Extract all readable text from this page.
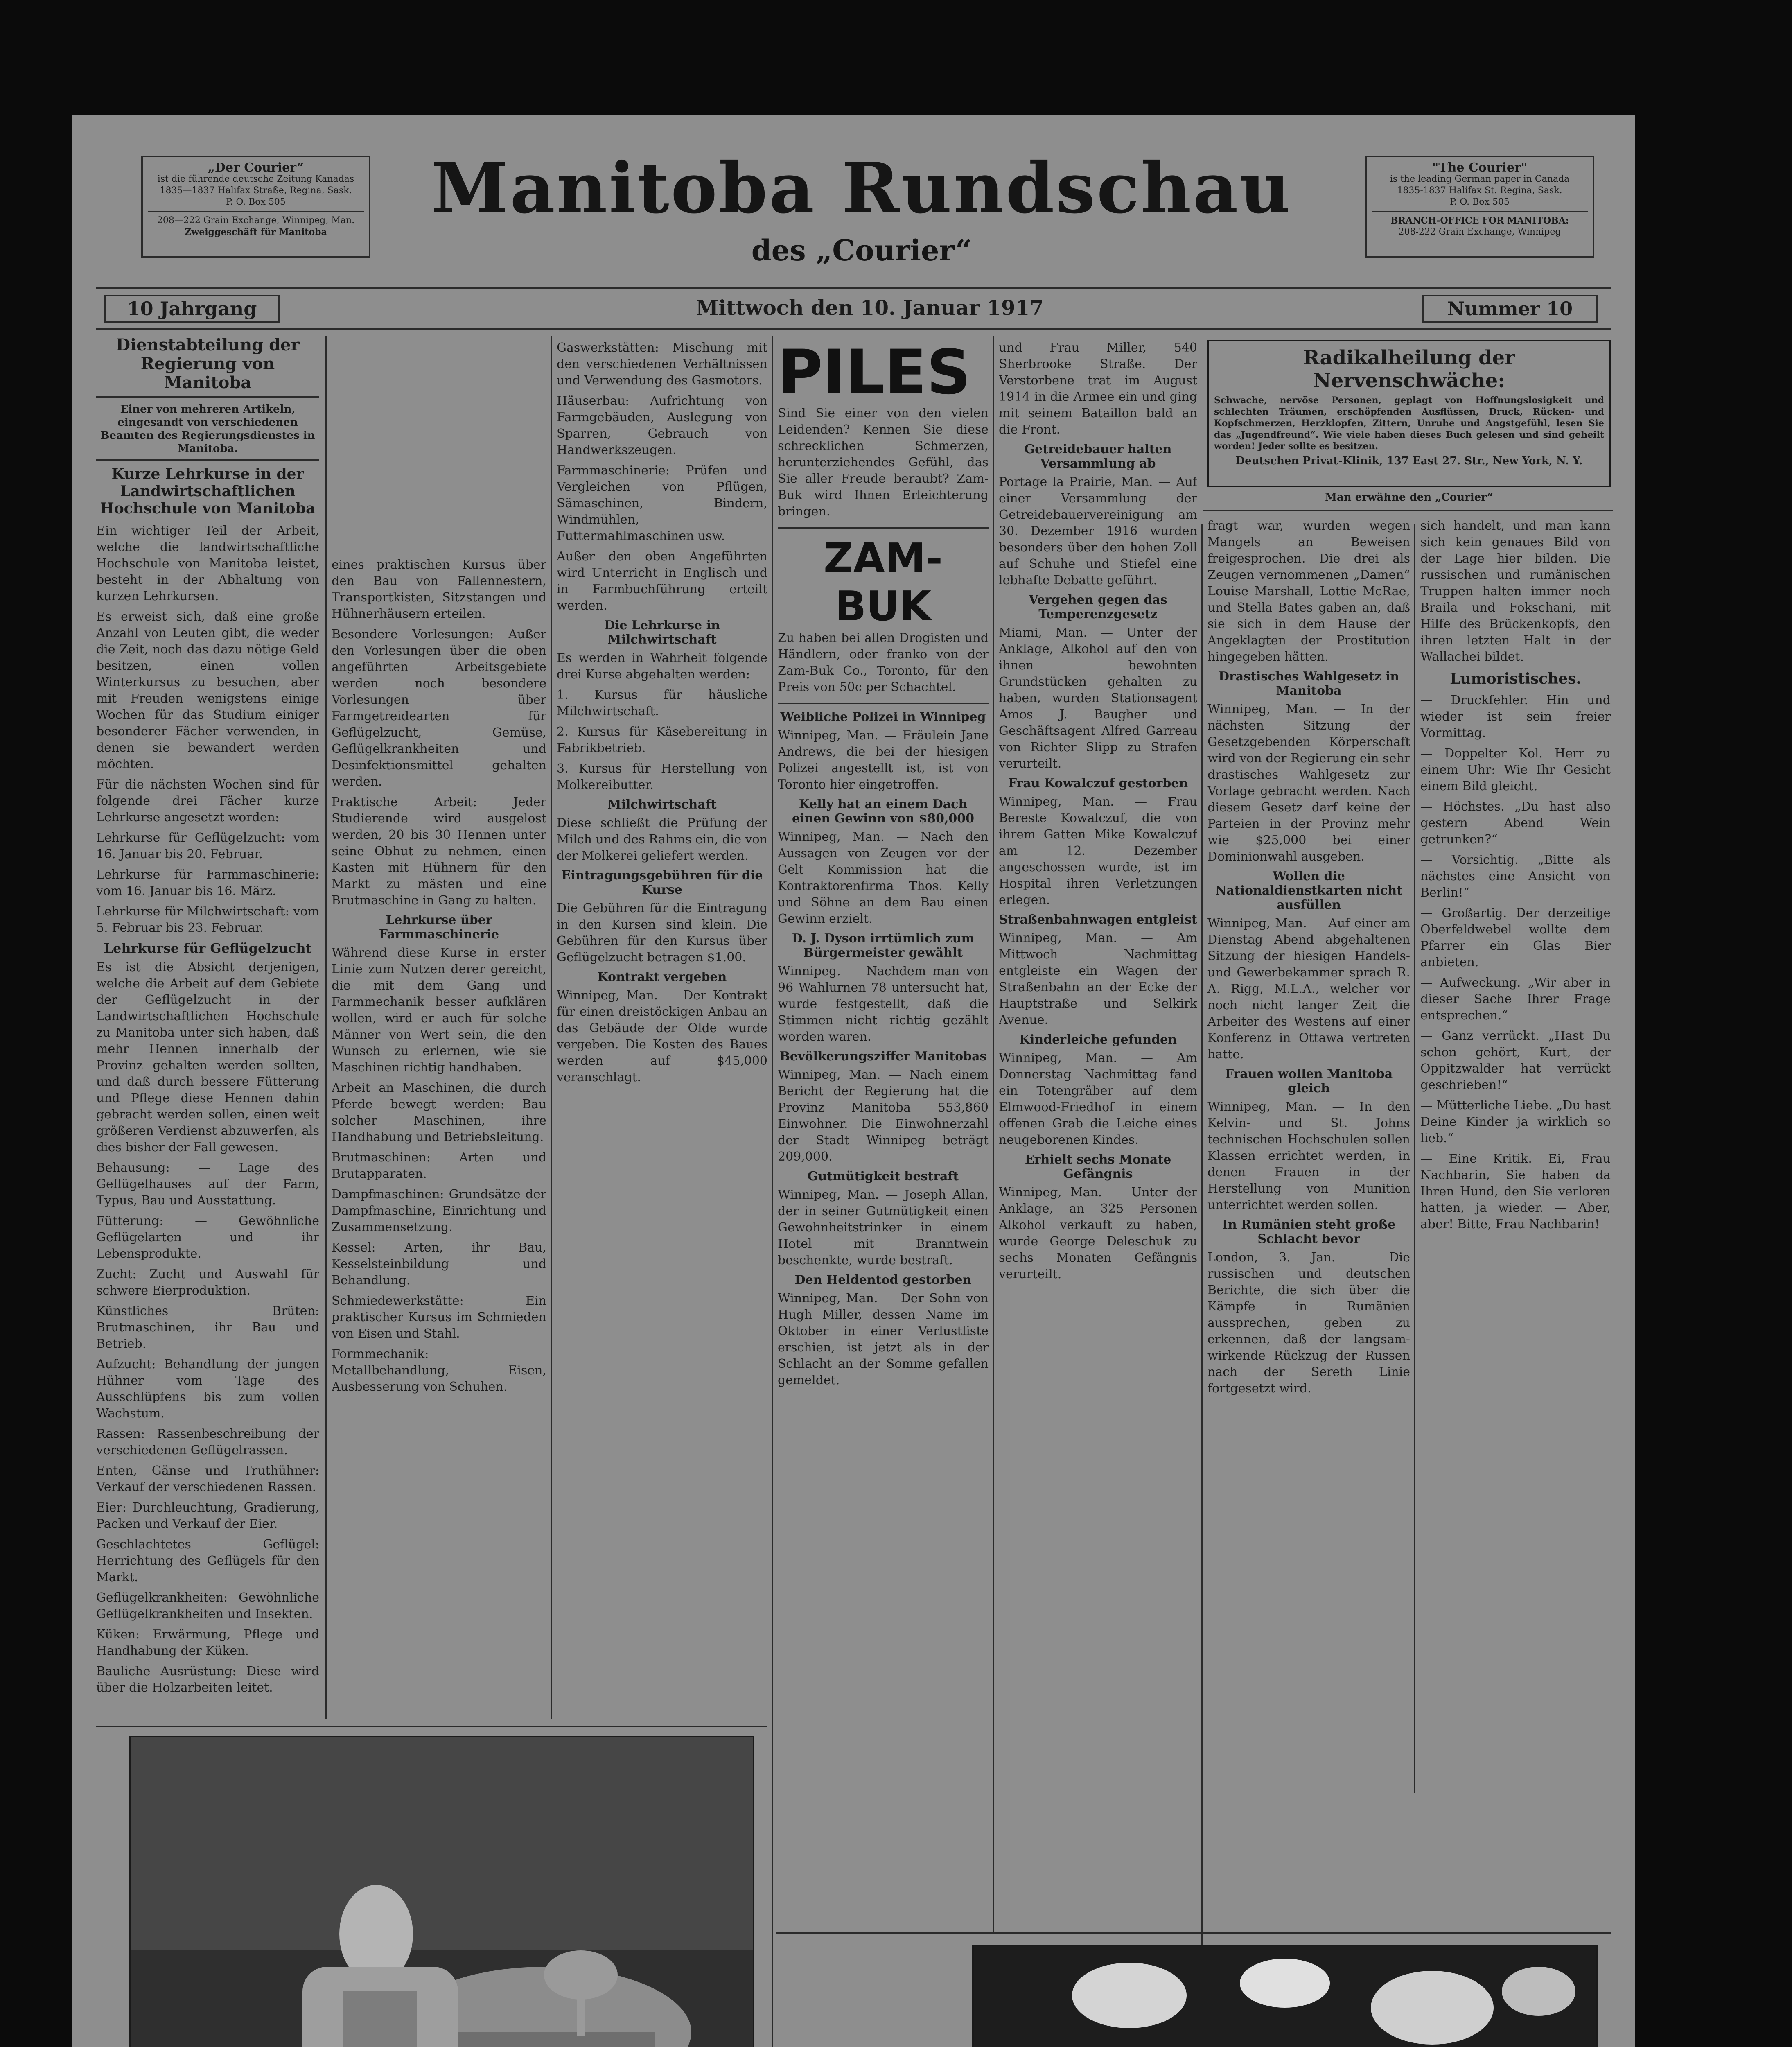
„Der Courier“
ist die führende deutsche Zeitung Kanadas
1835—1837 Halifax Straße, Regina, Sask.
P. O. Box 505
208—222 Grain Exchange, Winnipeg, Man.
Zweiggeschäft für Manitoba
Manitoba Rundschau
des „Courier“
"The Courier"
is the leading German paper in Canada
1835-1837 Halifax St. Regina, Sask.
P. O. Box 505
BRANCH-OFFICE FOR MANITOBA:
208-222 Grain Exchange, Winnipeg
10 Jahrgang	Mittwoch den 10. Januar 1917	Nummer 10
Dienstabteilung der Regierung von Manitoba
Einer von mehreren Artikeln, eingesandt von verschiedenen Beamten des Regierungsdienstes in Manitoba.
Kurze Lehrkurse in der Landwirtschaftlichen Hochschule von Manitoba

Ein wichtiger Teil der Arbeit, welche die landwirtschaftliche Hochschule von Manitoba leistet, besteht in der Abhaltung von kurzen Lehrkursen.

Es erweist sich, daß eine große Anzahl von Leuten gibt, die weder die Zeit, noch das dazu nötige Geld besitzen, einen vollen Winterkursus zu besuchen, aber mit Freuden wenigstens einige Wochen für das Studium einiger besonderer Fächer verwenden, in denen sie bewandert werden möchten.

Für die nächsten Wochen sind für folgende drei Fächer kurze Lehrkurse angesetzt worden:

Lehrkurse für Geflügelzucht: vom 16. Januar bis 20. Februar.

Lehrkurse für Farmmaschinerie: vom 16. Januar bis 16. März.

Lehrkurse für Milchwirtschaft: vom 5. Februar bis 23. Februar.

Lehrkurse für Geflügelzucht

Es ist die Absicht derjenigen, welche die Arbeit auf dem Gebiete der Geflügelzucht in der Landwirtschaftlichen Hochschule zu Manitoba unter sich haben, daß mehr Hennen innerhalb der Provinz gehalten werden sollten, und daß durch bessere Fütterung und Pflege diese Hennen dahin gebracht werden sollen, einen weit größeren Verdienst abzuwerfen, als dies bisher der Fall gewesen.

Behausung: — Lage des Geflügelhauses auf der Farm, Typus, Bau und Ausstattung.

Fütterung: — Gewöhnliche Geflügelarten und ihr Lebensprodukte.

Zucht: Zucht und Auswahl für schwere Eierproduktion.

Künstliches Brüten: Brutmaschinen, ihr Bau und Betrieb.

Aufzucht: Behandlung der jungen Hühner vom Tage des Ausschlüpfens bis zum vollen Wachstum.

Rassen: Rassenbeschreibung der verschiedenen Geflügelrassen.

Enten, Gänse und Truthühner: Verkauf der verschiedenen Rassen.

Eier: Durchleuchtung, Gradierung, Packen und Verkauf der Eier.

Geschlachtetes Geflügel: Herrichtung des Geflügels für den Markt.

Geflügelkrankheiten: Gewöhnliche Geflügelkrankheiten und Insekten.

Küken: Erwärmung, Pflege und Handhabung der Küken.

Bauliche Ausrüstung: Diese wird über die Holzarbeiten leitet.

eines praktischen Kursus über den Bau von Fallennestern, Transportkisten, Sitzstangen und Hühnerhäusern erteilen.

Besondere Vorlesungen: Außer den Vorlesungen über die oben angeführten Arbeitsgebiete werden noch besondere Vorlesungen über Farmgetreidearten für Geflügelzucht, Gemüse, Geflügelkrankheiten und Desinfektionsmittel gehalten werden.

Praktische Arbeit: Jeder Studierende wird ausgelost werden, 20 bis 30 Hennen unter seine Obhut zu nehmen, einen Kasten mit Hühnern für den Markt zu mästen und eine Brutmaschine in Gang zu halten.

Lehrkurse über Farmmaschinerie

Während diese Kurse in erster Linie zum Nutzen derer gereicht, die mit dem Gang und Farmmechanik besser aufklären wollen, wird er auch für solche Männer von Wert sein, die den Wunsch zu erlernen, wie sie Maschinen richtig handhaben.

Arbeit an Maschinen, die durch Pferde bewegt werden: Bau solcher Maschinen, ihre Handhabung und Betriebsleitung.

Brutmaschinen: Arten und Brutapparaten.

Dampfmaschinen: Grundsätze der Dampfmaschine, Einrichtung und Zusammensetzung.

Kessel: Arten, ihr Bau, Kesselsteinbildung und Behandlung.

Schmiedewerkstätte: Ein praktischer Kursus im Schmieden von Eisen und Stahl.

Formmechanik: Metallbehandlung, Eisen, Ausbesserung von Schuhen.

Gaswerkstätten: Mischung mit den verschiedenen Verhältnissen und Verwendung des Gasmotors.

Häuserbau: Aufrichtung von Farmgebäuden, Auslegung von Sparren, Gebrauch von Handwerkszeugen.

Farmmaschinerie: Prüfen und Vergleichen von Pflügen, Sämaschinen, Bindern, Windmühlen, Futtermahlmaschinen usw.

Außer den oben Angeführten wird Unterricht in Englisch und in Farmbuchführung erteilt werden.

Die Lehrkurse in Milchwirtschaft

Es werden in Wahrheit folgende drei Kurse abgehalten werden:

1. Kursus für häusliche Milchwirtschaft.

2. Kursus für Käsebereitung in Fabrikbetrieb.

3. Kursus für Herstellung von Molkereibutter.

Milchwirtschaft

Diese schließt die Prüfung der Milch und des Rahms ein, die von der Molkerei geliefert werden.

Eintragungsgebühren für die Kurse

Die Gebühren für die Eintragung in den Kursen sind klein. Die Gebühren für den Kursus über Geflügelzucht betragen $1.00.

Kontrakt vergeben

Winnipeg, Man. — Der Kontrakt für einen dreistöckigen Anbau an das Gebäude der Olde wurde vergeben. Die Kosten des Baues werden auf $45,000 veranschlagt.

PILES

Sind Sie einer von den vielen Leidenden? Kennen Sie diese schrecklichen Schmerzen, herunterziehendes Gefühl, das Sie aller Freude beraubt? Zam-Buk wird Ihnen Erleichterung bringen.

ZAM-BUK

Zu haben bei allen Drogisten und Händlern, oder franko von der Zam-Buk Co., Toronto, für den Preis von 50c per Schachtel.

Weibliche Polizei in Winnipeg

Winnipeg, Man. — Fräulein Jane Andrews, die bei der hiesigen Polizei angestellt ist, ist von Toronto hier eingetroffen.

Kelly hat an einem Dach einen Gewinn von $80,000

Winnipeg, Man. — Nach den Aussagen von Zeugen vor der Gelt Kommission hat die Kontraktorenfirma Thos. Kelly und Söhne an dem Bau einen Gewinn erzielt.

D. J. Dyson irrtümlich zum Bürgermeister gewählt

Winnipeg. — Nachdem man von 96 Wahlurnen 78 untersucht hat, wurde festgestellt, daß die Stimmen nicht richtig gezählt worden waren.

Bevölkerungsziffer Manitobas

Winnipeg, Man. — Nach einem Bericht der Regierung hat die Provinz Manitoba 553,860 Einwohner. Die Einwohnerzahl der Stadt Winnipeg beträgt 209,000.

Gutmütigkeit bestraft

Winnipeg, Man. — Joseph Allan, der in seiner Gutmütigkeit einen Gewohnheitstrinker in einem Hotel mit Branntwein beschenkte, wurde bestraft.

Den Heldentod gestorben

Winnipeg, Man. — Der Sohn von Hugh Miller, dessen Name im Oktober in einer Verlustliste erschien, ist jetzt als in der Schlacht an der Somme gefallen gemeldet.

und Frau Miller, 540 Sherbrooke Straße. Der Verstorbene trat im August 1914 in die Armee ein und ging mit seinem Bataillon bald an die Front.

Getreidebauer halten Versammlung ab

Portage la Prairie, Man. — Auf einer Versammlung der Getreidebauervereinigung am 30. Dezember 1916 wurden besonders über den hohen Zoll auf Schuhe und Stiefel eine lebhafte Debatte geführt.

Vergehen gegen das Temperenzgesetz

Miami, Man. — Unter der Anklage, Alkohol auf den von ihnen bewohnten Grundstücken gehalten zu haben, wurden Stationsagent Amos J. Baugher und Geschäftsagent Alfred Garreau von Richter Slipp zu Strafen verurteilt.

Frau Kowalczuf gestorben

Winnipeg, Man. — Frau Bereste Kowalczuf, die von ihrem Gatten Mike Kowalczuf am 12. Dezember angeschossen wurde, ist im Hospital ihren Verletzungen erlegen.

Straßenbahnwagen entgleist

Winnipeg, Man. — Am Mittwoch Nachmittag entgleiste ein Wagen der Straßenbahn an der Ecke der Hauptstraße und Selkirk Avenue.

Kinderleiche gefunden

Winnipeg, Man. — Am Donnerstag Nachmittag fand ein Totengräber auf dem Elmwood-Friedhof in einem offenen Grab die Leiche eines neugeborenen Kindes.

Erhielt sechs Monate Gefängnis

Winnipeg, Man. — Unter der Anklage, an 325 Personen Alkohol verkauft zu haben, wurde George Deleschuk zu sechs Monaten Gefängnis verurteilt.

Radikalheilung der Nervenschwäche:
Schwache, nervöse Personen, geplagt von Hoffnungslosigkeit und schlechten Träumen, erschöpfenden Ausflüssen, Druck, Rücken- und Kopfschmerzen, Herzklopfen, Zittern, Unruhe und Angstgefühl, lesen Sie das „Jugendfreund“. Wie viele haben dieses Buch gelesen und sind geheilt worden! Jeder sollte es besitzen.
Deutschen Privat-Klinik, 137 East 27. Str., New York, N. Y.
Man erwähne den „Courier“

fragt war, wurden wegen Mangels an Beweisen freigesprochen. Die drei als Zeugen vernommenen „Damen“ Louise Marshall, Lottie McRae, und Stella Bates gaben an, daß sie sich in dem Hause der Angeklagten der Prostitution hingegeben hätten.

Drastisches Wahlgesetz in Manitoba

Winnipeg, Man. — In der nächsten Sitzung der Gesetzgebenden Körperschaft wird von der Regierung ein sehr drastisches Wahlgesetz zur Vorlage gebracht werden. Nach diesem Gesetz darf keine der Parteien in der Provinz mehr wie $25,000 bei einer Dominionwahl ausgeben.

Wollen die Nationaldienstkarten nicht ausfüllen

Winnipeg, Man. — Auf einer am Dienstag Abend abgehaltenen Sitzung der hiesigen Handels- und Gewerbekammer sprach R. A. Rigg, M.L.A., welcher vor noch nicht langer Zeit die Arbeiter des Westens auf einer Konferenz in Ottawa vertreten hatte.

Frauen wollen Manitoba gleich

Winnipeg, Man. — In den Kelvin- und St. Johns technischen Hochschulen sollen Klassen errichtet werden, in denen Frauen in der Herstellung von Munition unterrichtet werden sollen.

In Rumänien steht große Schlacht bevor

London, 3. Jan. — Die russischen und deutschen Berichte, die sich über die Kämpfe in Rumänien aussprechen, geben zu erkennen, daß der langsam-wirkende Rückzug der Russen nach der Sereth Linie fortgesetzt wird.

sich handelt, und man kann sich kein genaues Bild von der Lage hier bilden. Die russischen und rumänischen Truppen halten immer noch Braila und Fokschani, mit Hilfe des Brückenkopfs, den ihren letzten Halt in der Wallachei bildet.

Lumoristisches.

— Druckfehler. Hin und wieder ist sein freier Vormittag.

— Doppelter Kol. Herr zu einem Uhr: Wie Ihr Gesicht einem Bild gleicht.

— Höchstes. „Du hast also gestern Abend Wein getrunken?“

— Vorsichtig. „Bitte als nächstes eine Ansicht von Berlin!“

— Großartig. Der derzeitige Oberfeldwebel wollte dem Pfarrer ein Glas Bier anbieten.

— Aufweckung. „Wir aber in dieser Sache Ihrer Frage entsprechen.“

— Ganz verrückt. „Hast Du schon gehört, Kurt, der Oppitzwalder hat verrückt geschrieben!“

— Mütterliche Liebe. „Du hast Deine Kinder ja wirklich so lieb.“

— Eine Kritik. Ei, Frau Nachbarin, Sie haben da Ihren Hund, den Sie verloren hatten, ja wieder. — Aber, aber! Bitte, Frau Nachbarin!
